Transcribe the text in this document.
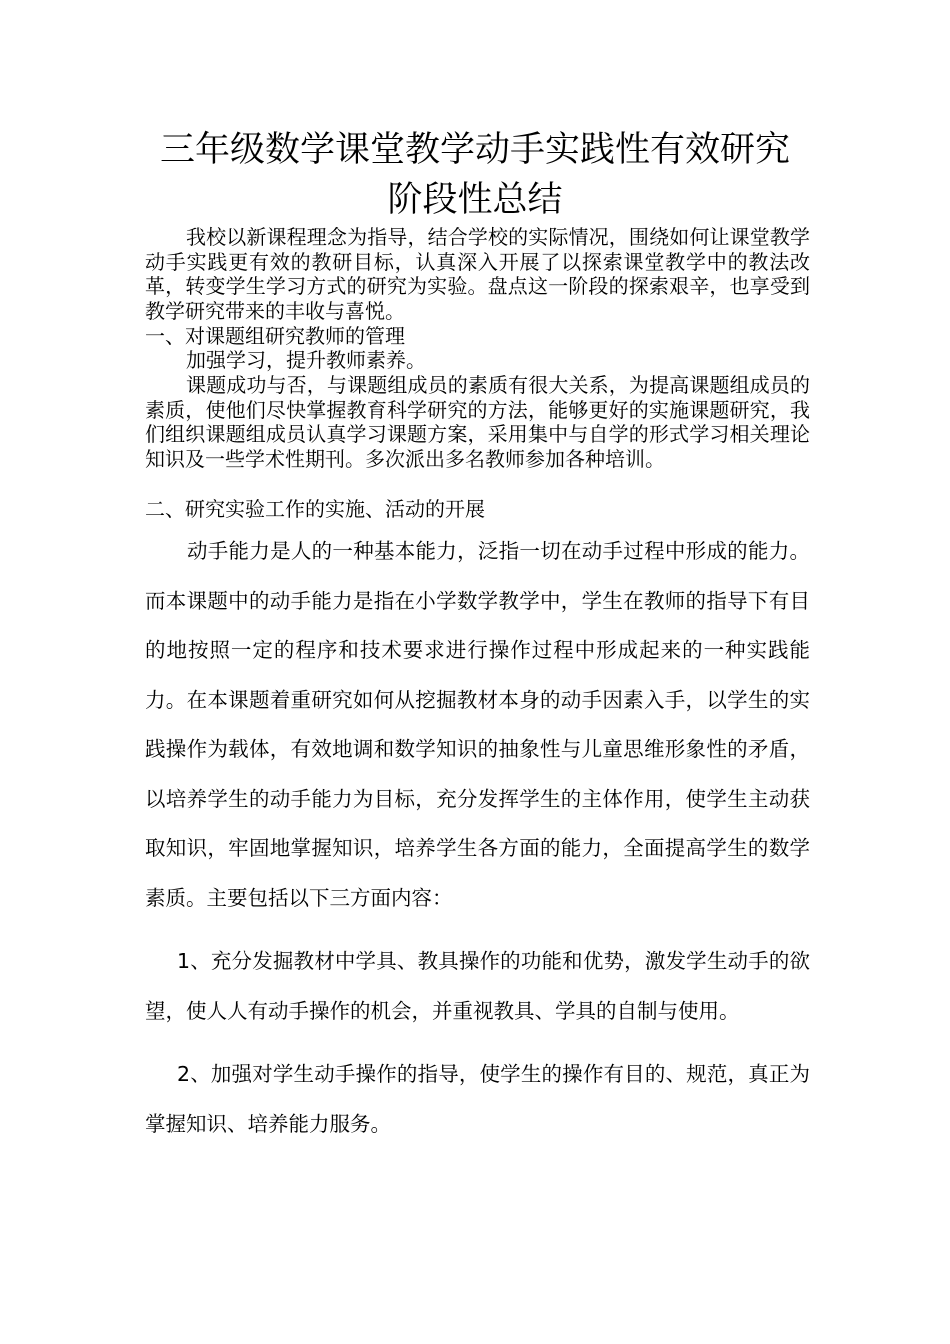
三年级数学课堂教学动手实践性有效研究
阶段性总结
我校以新课程理念为指导，结合学校的实际情况，围绕如何让课堂教学动手实践更有效的教研目标，认真深入开展了以探索课堂教学中的教法改革，转变学生学习方式的研究为实验。盘点这一阶段的探索艰辛，也享受到教学研究带来的丰收与喜悦。
一、对课题组研究教师的管理
加强学习，提升教师素养。
课题成功与否，与课题组成员的素质有很大关系，为提高课题组成员的素质，使他们尽快掌握教育科学研究的方法，能够更好的实施课题研究，我们组织课题组成员认真学习课题方案，采用集中与自学的形式学习相关理论知识及一些学术性期刊。多次派出多名教师参加各种培训。
二、研究实验工作的实施、活动的开展
动手能力是人的一种基本能力，泛指一切在动手过程中形成的能力。而本课题中的动手能力是指在小学数学教学中，学生在教师的指导下有目的地按照一定的程序和技术要求进行操作过程中形成起来的一种实践能力。在本课题着重研究如何从挖掘教材本身的动手因素入手，以学生的实践操作为载体，有效地调和数学知识的抽象性与儿童思维形象性的矛盾，以培养学生的动手能力为目标，充分发挥学生的主体作用，使学生主动获取知识，牢固地掌握知识，培养学生各方面的能力，全面提高学生的数学素质。主要包括以下三方面内容：
1、充分发掘教材中学具、教具操作的功能和优势，激发学生动手的欲望，使人人有动手操作的机会，并重视教具、学具的自制与使用。
2、加强对学生动手操作的指导，使学生的操作有目的、规范，真正为掌握知识、培养能力服务。
